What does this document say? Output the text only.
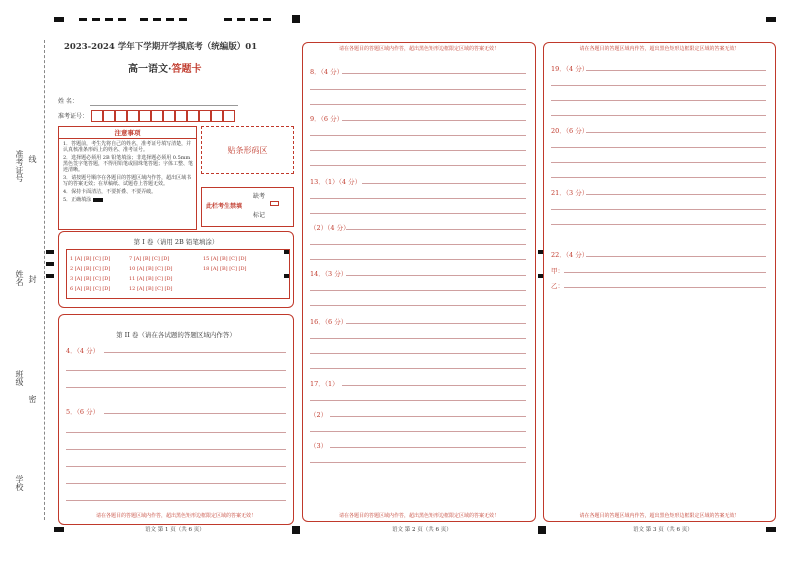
准考证号 线
姓名 封
班级
密
学校
2023-2024 学年下学期开学摸底考（统编版）01
高一语文·答题卡
姓 名：
准考证号：
注意事项
1．答题前，考生先将自己的姓名，准考证号填写清楚，并认真核准条形码上的姓名、准考证号。
2．选择题必须用 2B 铅笔填涂；非选择题必须用 0.5mm 黑色签字笔答题，不得用铅笔或圆珠笔答题；字体工整、笔迹清晰。
3．请按题号顺序在各题目的答题区域内作答，超出区域书写的答案无效；在草稿纸、试题卷上答题无效。
4．保持卡面清洁，不要折叠、不要弄破。
5．正确填涂
贴条形码区
此栏考生禁填
缺考
标记
第 I 卷（请用 2B 铅笔填涂）
1 [A] [B] [C] [D]
2 [A] [B] [C] [D]
3 [A] [B] [C] [D]
6 [A] [B] [C] [D]
7 [A] [B] [C] [D]
10 [A] [B] [C] [D]
11 [A] [B] [C] [D]
12 [A] [B] [C] [D]
15 [A] [B] [C] [D]
18 [A] [B] [C] [D]
第 II 卷（请在各试题的答题区域内作答）
4．（4 分）
5．（6 分）
请在各题目的答题区域内作答，超出黑色矩形边框限定区域的答案无效！
语文 第 1 页（共 6 页）
请在各题目的答题区域内作答，超出黑色矩形边框限定区域的答案无效！
8．（4 分）
9．（6 分）
13．（1）（4 分）
（2）（4 分）
14．（3 分）
16．（6 分）
17．（1）
（2）
（3）
请在各题目的答题区域内作答，超出黑色矩形边框限定区域的答案无效！
语文 第 2 页（共 6 页）
请在各题目的答题区域内作答，超出黑色矩形边框限定区域的答案无效！
19．（4 分）
20．（6 分）
21．（3 分）
22．（4 分）
甲：
乙：
请在各题目的答题区域内作答，超出黑色矩形边框限定区域的答案无效！
语文 第 3 页（共 6 页）
